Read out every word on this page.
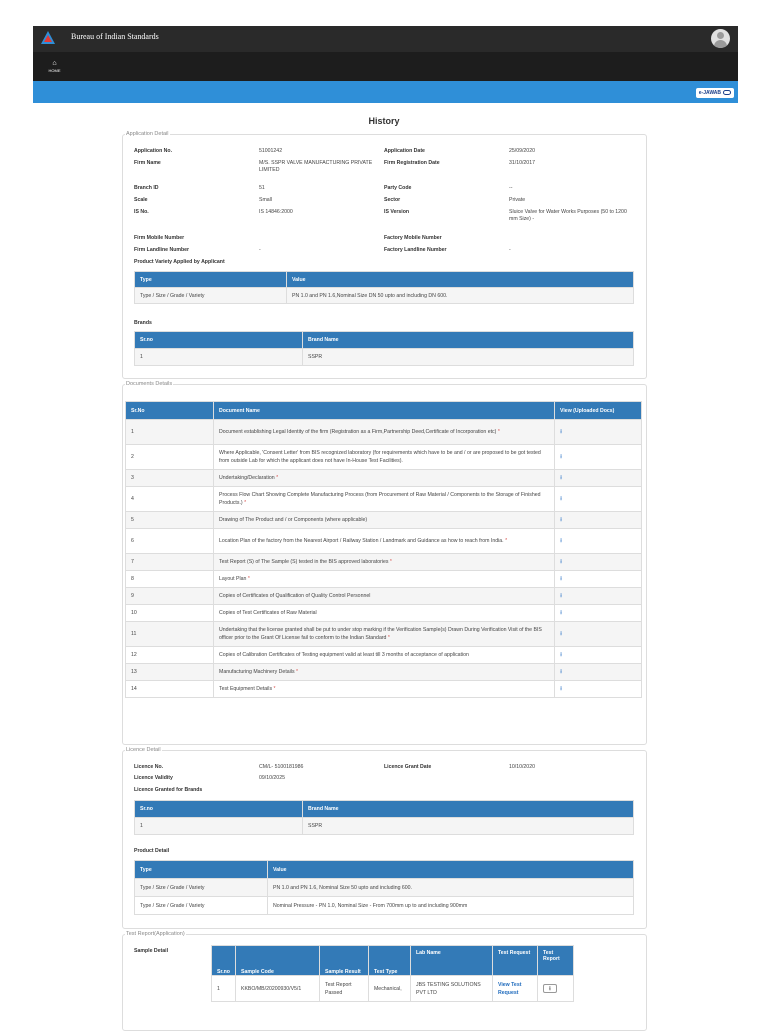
Bureau of Indian Standards
⌂
HOME
e-JAWAB
History
Application Detail
Application No.	51001242	Application Date	25/09/2020
Firm Name	M/S. SSPR VALVE MANUFACTURING PRIVATE LIMITED
Firm Registration Date	31/10/2017
Branch ID	51	Party Code	--
Scale	Small	Sector	Private
IS No.	IS 14846:2000	IS Version	Sluice Valve for Water Works Purposes (50 to 1200 mm Size) -
Firm Mobile Number	Factory Mobile Number
Firm Landline Number	-	Factory Landline Number	-
Product Variety Applied by Applicant
Type	Value
Type / Size / Grade / Variety	PN 1.0 and PN 1.6,Nominal Size DN 50 upto and including DN 600.
Brands
Sr.no	Brand Name
1	SSPR
Documents Details
Sr.No	Document Name	View (Uploaded Docs)
1	Document establishing Legal Identity of the firm (Registration as a Firm,Partnership Deed,Certificate of Incorporation etc) *	⭳
2	Where Applicable, 'Consent Letter' from BIS recognized laboratory (for requirements which have to be and / or are proposed to be got tested from outside Lab for which the applicant does not have In-House Test Facilities).	⭳
3	Undertaking/Declaration *	⭳
4	Process Flow Chart Showing Complete Manufacturing Process (from Procurement of Raw Material / Components to the Storage of Finished Products.) *	⭳
5	Drawing of The Product and / or Components (where applicable)	⭳
6	Location Plan of the factory from the Nearest Airport / Railway Station / Landmark and Guidance as how to reach from India. *	⭳
7	Test Report (S) of The Sample (S) tested in the BIS approved laboratories *	⭳
8	Layout Plan *	⭳
9	Copies of Certificates of Qualification of Quality Control Personnel	⭳
10	Copies of Test Certificates of Raw Material	⭳
11	Undertaking that the license granted shall be put to under stop marking if the Verification Sample(s) Drawn During Verification Visit of the BIS officer prior to the Grant Of License fail to conform to the Indian Standard *	⭳
12	Copies of Calibration Certificates of Testing equipment valid at least till 3 months of acceptance of application	⭳
13	Manufacturing Machinery Details *	⭳
14	Test Equipment Details *	⭳
Licence Detail
Licence No.	CM/L- 5100181986	Licence Grant Date	10/10/2020
Licence Validity	09/10/2025
Licence Granted for Brands
Sr.no	Brand Name
1	SSPR
Product Detail
Type	Value
Type / Size / Grade / Variety	PN 1.0 and PN 1.6, Nominal Size 50 upto and including 600.
Type / Size / Grade / Variety	Nominal Pressure - PN 1.0, Nominal Size - From 700mm up to and including 900mm
Test Report(Application)
Sample Detail
Sr.no	Sample Code	Sample Result	Test Type	Lab Name	Test Request	Test Report
1	KKBO/MB/20200930/V5/1	Test Report Passed	Mechanical,	JBS TESTING SOLUTIONS PVT LTD	View Test Request	⭳
